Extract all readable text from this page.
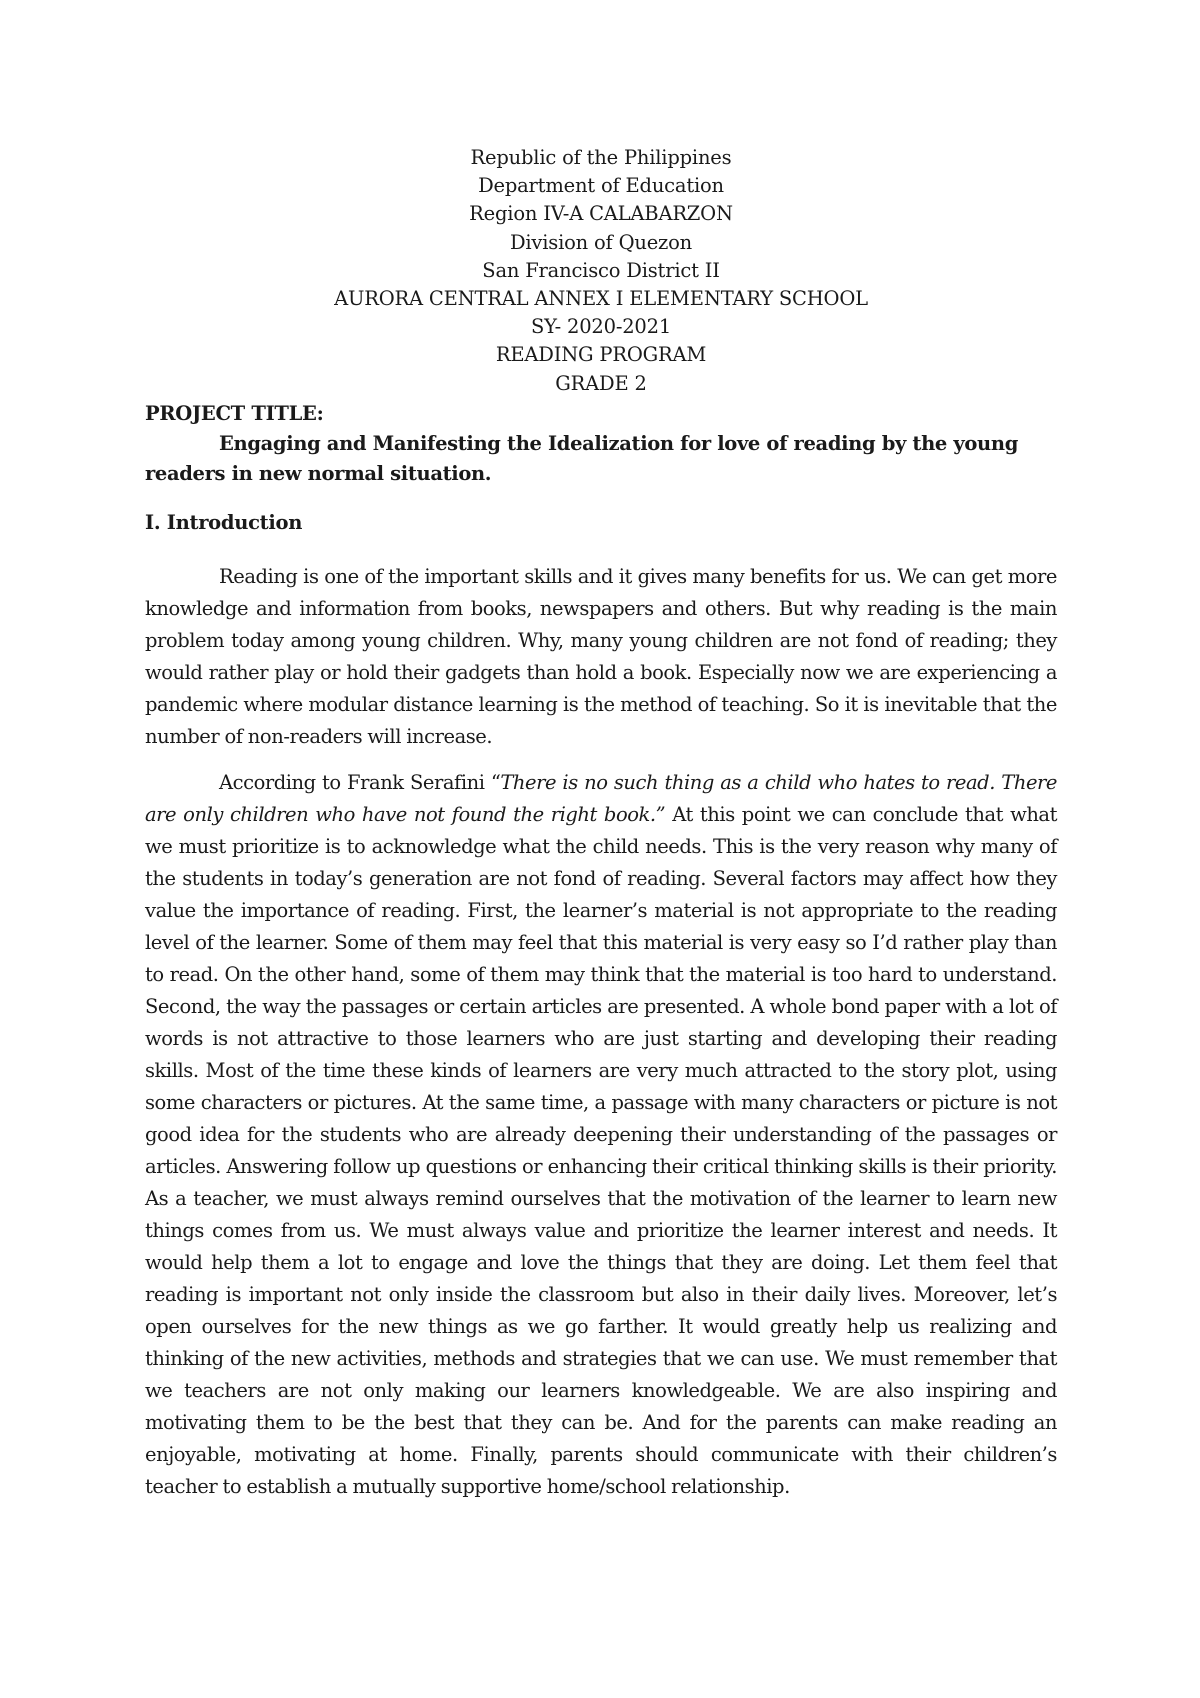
Republic of the Philippines
Department of Education
Region IV-A CALABARZON
Division of Quezon
San Francisco District II
AURORA CENTRAL ANNEX I ELEMENTARY SCHOOL
SY- 2020-2021
READING PROGRAM
GRADE 2
PROJECT TITLE:
Engaging and Manifesting the Idealization for love of reading by the young readers in new normal situation.
I. Introduction

Reading is one of the important skills and it gives many benefits for us. We can get more knowledge and information from books, newspapers and others. But why reading is the main problem today among young children. Why, many young children are not fond of reading; they would rather play or hold their gadgets than hold a book. Especially now we are experiencing a pandemic where modular distance learning is the method of teaching. So it is inevitable that the number of non-readers will increase.

According to Frank Serafini “There is no such thing as a child who hates to read. There are only children who have not found the right book.” At this point we can conclude that what we must prioritize is to acknowledge what the child needs. This is the very reason why many of the students in today’s generation are not fond of reading. Several factors may affect how they value the importance of reading. First, the learner’s material is not appropriate to the reading level of the learner. Some of them may feel that this material is very easy so I’d rather play than to read. On the other hand, some of them may think that the material is too hard to understand. Second, the way the passages or certain articles are presented. A whole bond paper with a lot of words is not attractive to those learners who are just starting and developing their reading skills. Most of the time these kinds of learners are very much attracted to the story plot, using some characters or pictures. At the same time, a passage with many characters or picture is not good idea for the students who are already deepening their understanding of the passages or articles. Answering follow up questions or enhancing their critical thinking skills is their priority. As a teacher, we must always remind ourselves that the motivation of the learner to learn new things comes from us. We must always value and prioritize the learner interest and needs. It would help them a lot to engage and love the things that they are doing. Let them feel that reading is important not only inside the classroom but also in their daily lives. Moreover, let’s open ourselves for the new things as we go farther. It would greatly help us realizing and thinking of the new activities, methods and strategies that we can use. We must remember that we teachers are not only making our learners knowledgeable. We are also inspiring and motivating them to be the best that they can be. And for the parents can make reading an enjoyable, motivating at home. Finally, parents should communicate with their children’s teacher to establish a mutually supportive home/school relationship.
